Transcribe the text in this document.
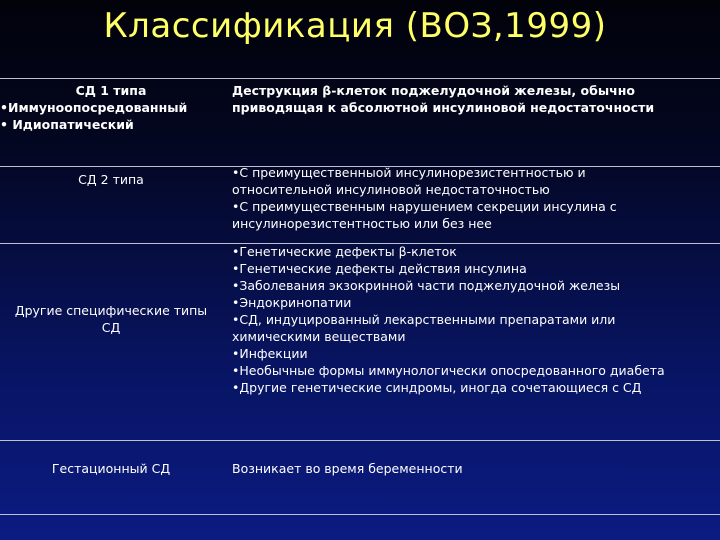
Классификация (ВОЗ,1999)
СД 1 типа
•Иммуноопосредованный
• Идиопатический
Деструкция β-клеток поджелудочной железы, обычно
приводящая к абсолютной инсулиновой недостаточности
СД 2 типа	•С преимущественныой инсулинорезистентностью и
относительной инсулиновой недостаточностью
•С преимущественным нарушением секреции инсулина с
инсулинорезистентностью или без нее
Другие специфические типы
СД
•Генетические дефекты β-клеток
•Генетические дефекты действия инсулина
•Заболевания экзокринной части поджелудочной железы
•Эндокринопатии
•СД, индуцированный лекарственными препаратами или
химическими веществами
•Инфекции
•Необычные формы иммунологически опосредованного диабета
•Другие генетические синдромы, иногда сочетающиеся с СД
Гестационный СД	Возникает во время беременности
